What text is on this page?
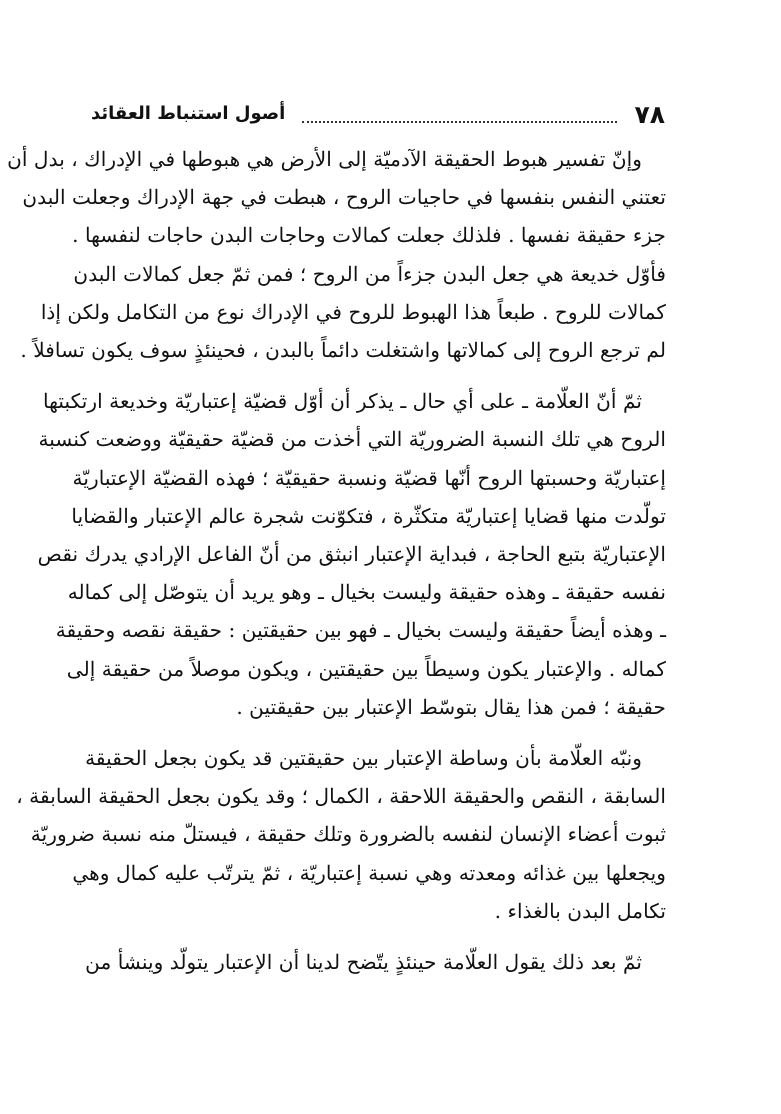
٧٨
أصول استنباط العقائد

وإنّ تفسير هبوط الحقيقة الآدميّة إلى الأرض هي هبوطها في الإدراك ، بدل أن
تعتني النفس بنفسها في حاجيات الروح ، هبطت في جهة الإدراك وجعلت البدن
جزء حقيقة نفسها . فلذلك جعلت كمالات وحاجات البدن حاجات لنفسها .
فأوّل خديعة هي جعل البدن جزءاً من الروح ؛ فمن ثمّ جعل كمالات البدن
كمالات للروح . طبعاً هذا الهبوط للروح في الإدراك نوع من التكامل ولكن إذا
لم ترجع الروح إلى كمالاتها واشتغلت دائماً بالبدن ، فحينئذٍ سوف يكون تسافلاً .

ثمّ أنّ العلّامة ـ على أي حال ـ يذكر أن أوّل قضيّة إعتباريّة وخديعة ارتكبتها
الروح هي تلك النسبة الضروريّة التي أخذت من قضيّة حقيقيّة ووضعت كنسبة
إعتباريّة وحسبتها الروح أنّها قضيّة ونسبة حقيقيّة ؛ فهذه القضيّة الإعتباريّة
تولّدت منها قضايا إعتباريّة متكثّرة ، فتكوّنت شجرة عالم الإعتبار والقضايا
الإعتباريّة بتبع الحاجة ، فبداية الإعتبار انبثق من أنّ الفاعل الإرادي يدرك نقص
نفسه حقيقة ـ وهذه حقيقة وليست بخيال ـ وهو يريد أن يتوصّل إلى كماله
ـ وهذه أيضاً حقيقة وليست بخيال ـ فهو بين حقيقتين : حقيقة نقصه وحقيقة
كماله . والإعتبار يكون وسيطاً بين حقيقتين ، ويكون موصلاً من حقيقة إلى
حقيقة ؛ فمن هذا يقال بتوسّط الإعتبار بين حقيقتين .

ونبّه العلّامة بأن وساطة الإعتبار بين حقيقتين قد يكون بجعل الحقيقة
السابقة ، النقص والحقيقة اللاحقة ، الكمال ؛ وقد يكون بجعل الحقيقة السابقة ،
ثبوت أعضاء الإنسان لنفسه بالضرورة وتلك حقيقة ، فيستلّ منه نسبة ضروريّة
ويجعلها بين غذائه ومعدته وهي نسبة إعتباريّة ، ثمّ يترتّب عليه كمال وهي
تكامل البدن بالغذاء .

ثمّ بعد ذلك يقول العلّامة حينئذٍ يتّضح لدينا أن الإعتبار يتولّد وينشأ من
